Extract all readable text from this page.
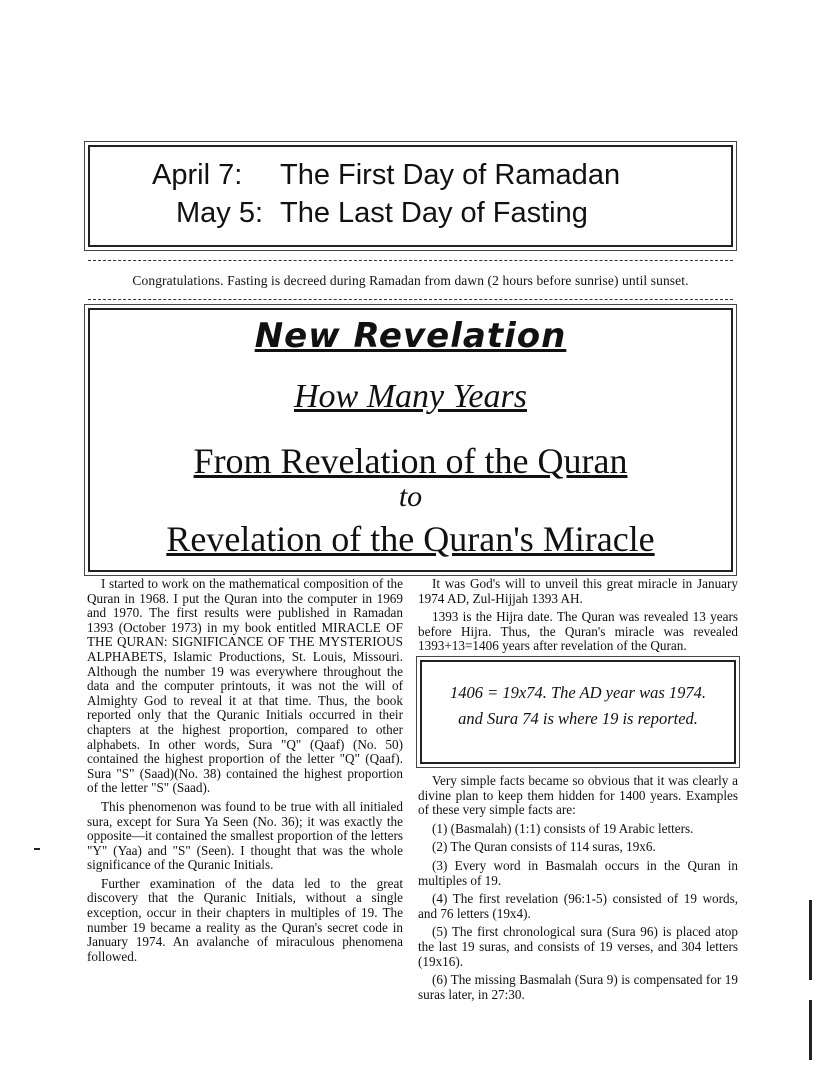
April 7: The First Day of Ramadan
May 5: The Last Day of Fasting
Congratulations. Fasting is decreed during Ramadan from dawn (2 hours before sunrise) until sunset.
New Revelation
How Many Years
From Revelation of the Quran
to
Revelation of the Quran's Miracle

I started to work on the mathematical composition of the Quran in 1968. I put the Quran into the computer in 1969 and 1970. The first results were published in Ramadan 1393 (October 1973) in my book entitled MIRACLE OF THE QURAN: SIGNIFICANCE OF THE MYSTERIOUS ALPHABETS, Islamic Productions, St. Louis, Missouri. Although the number 19 was everywhere throughout the data and the computer printouts, it was not the will of Almighty God to reveal it at that time. Thus, the book reported only that the Quranic Initials occurred in their chapters at the highest proportion, compared to other alphabets. In other words, Sura "Q" (Qaaf) (No. 50) contained the highest proportion of the letter "Q" (Qaaf). Sura "S" (Saad)(No. 38) contained the highest proportion of the letter "S" (Saad).

This phenomenon was found to be true with all initialed sura, except for Sura Ya Seen (No. 36); it was exactly the opposite—it contained the smallest proportion of the letters "Y" (Yaa) and "S" (Seen). I thought that was the whole significance of the Quranic Initials.

Further examination of the data led to the great discovery that the Quranic Initials, without a single exception, occur in their chapters in multiples of 19. The number 19 became a reality as the Quran's secret code in January 1974. An avalanche of miraculous phenomena followed.

It was God's will to unveil this great miracle in January 1974 AD, Zul-Hijjah 1393 AH.

1393 is the Hijra date. The Quran was revealed 13 years before Hijra. Thus, the Quran's miracle was revealed 1393+13=1406 years after revelation of the Quran.

1406 = 19x74. The AD year was 1974.
and Sura 74 is where 19 is reported.

Very simple facts became so obvious that it was clearly a divine plan to keep them hidden for 1400 years. Examples of these very simple facts are:

(1) (Basmalah) (1:1) consists of 19 Arabic letters.

(2) The Quran consists of 114 suras, 19x6.

(3) Every word in Basmalah occurs in the Quran in multiples of 19.

(4) The first revelation (96:1-5) consisted of 19 words, and 76 letters (19x4).

(5) The first chronological sura (Sura 96) is placed atop the last 19 suras, and consists of 19 verses, and 304 letters (19x16).

(6) The missing Basmalah (Sura 9) is compensated for 19 suras later, in 27:30.
